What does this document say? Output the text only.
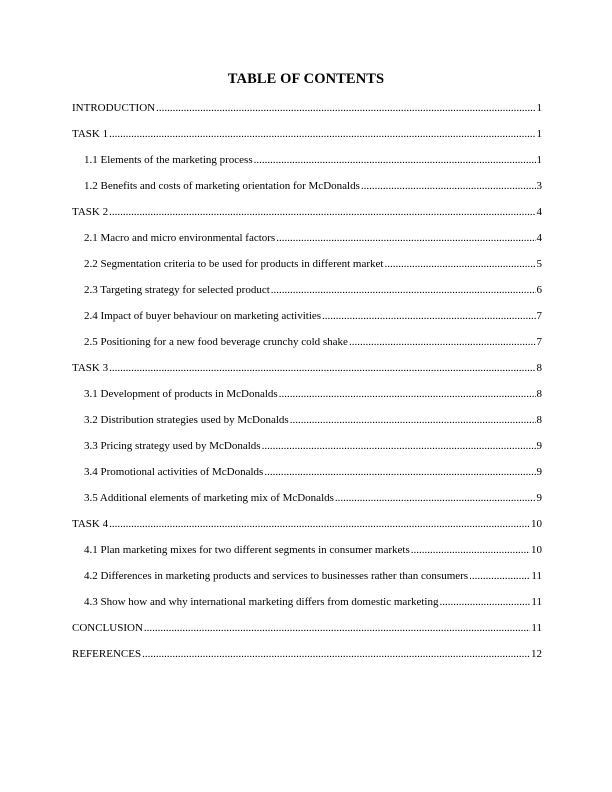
TABLE OF CONTENTS
INTRODUCTION .....	1
TASK 1 .....	1
1.1 Elements of the marketing process .....	1
1.2 Benefits and costs of marketing orientation for McDonalds .....	3
TASK 2 .....	4
2.1 Macro and micro environmental factors .....	4
2.2 Segmentation criteria to be used for products in different market .....	5
2.3 Targeting strategy for selected product .....	6
2.4 Impact of buyer behaviour on marketing activities .....	7
2.5 Positioning for a new food beverage crunchy cold shake .....	7
TASK 3 .....	8
3.1 Development of products in McDonalds .....	8
3.2 Distribution strategies used by McDonalds .....	8
3.3 Pricing strategy used by McDonalds .....	9
3.4 Promotional activities of McDonalds .....	9
3.5 Additional elements of marketing mix of McDonalds .....	9
TASK 4 .....	10
4.1 Plan marketing mixes for two different segments in consumer markets .....	10
4.2 Differences in marketing products and services to businesses rather than consumers .....	11
4.3 Show how and why international marketing differs from domestic marketing .....	11
CONCLUSION .....	11
REFERENCES .....	12
